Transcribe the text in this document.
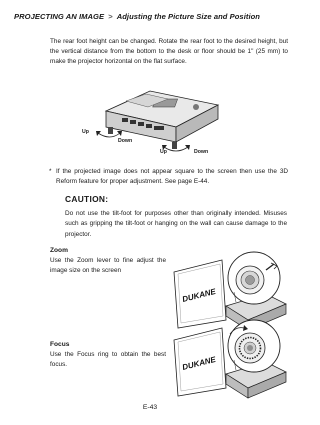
PROJECTING AN IMAGE > Adjusting the Picture Size and Position
The rear foot height can be changed. Rotate the rear foot to the desired height, but the vertical distance from the bottom to the desk or floor should be 1" (25 mm) to make the projector horizontal on the flat surface.
Up
Down
Up	Down
* If the projected image does not appear square to the screen then use the 3D Reform feature for proper adjustment. See page E-44.
CAUTION:
Do not use the tilt-foot for purposes other than originally intended. Misuses such as gripping the tilt-foot or hanging on the wall can cause damage to the projector.
Zoom
Use the Zoom lever to fine adjust the image size on the screen
DUKANE
Focus
Use the Focus ring to obtain the best focus.	DUKANE
E-43
